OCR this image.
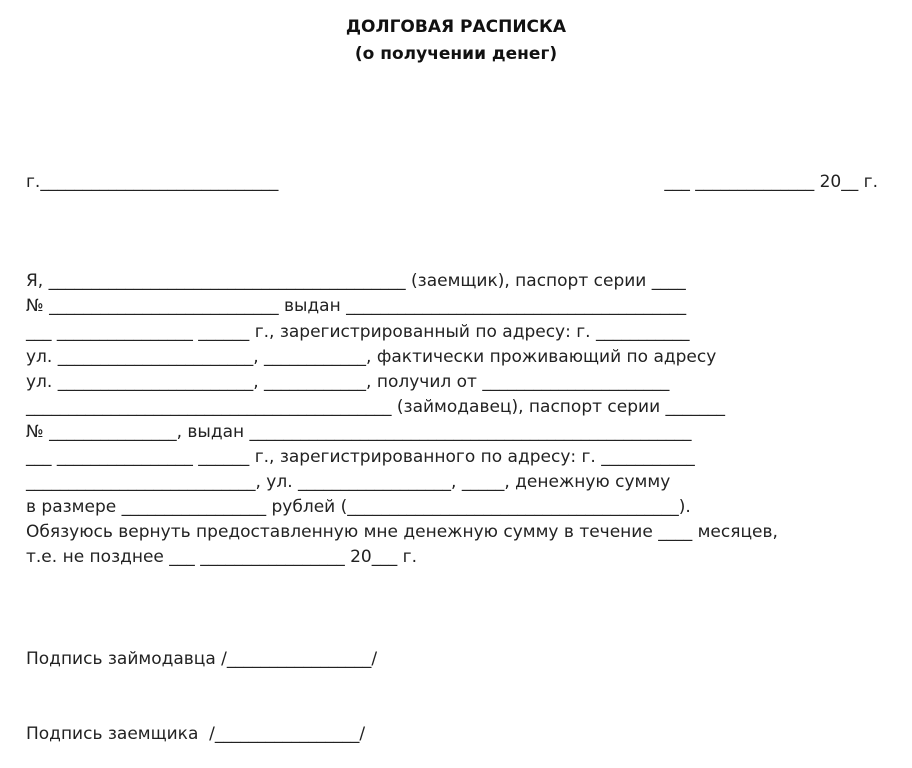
ДОЛГОВАЯ РАСПИСКА
(о получении денег)
г.____________________________	___ ______________ 20__ г.
Я, __________________________________________ (заемщик), паспорт серии ____
№ ___________________________ выдан ________________________________________
___ ________________ ______ г., зарегистрированный по адресу: г. ___________
ул. _______________________, ____________, фактически проживающий по адресу
ул. _______________________, ____________, получил от ______________________
___________________________________________ (займодавец), паспорт серии _______
№ _______________, выдан ____________________________________________________
___ ________________ ______ г., зарегистрированного по адресу: г. ___________
___________________________, ул. __________________, _____, денежную сумму
в размере _________________ рублей (_______________________________________).
Обязуюсь вернуть предоставленную мне денежную сумму в течение ____ месяцев,
т.е. не позднее ___ _________________ 20___ г.
Подпись займодавца /_________________/
Подпись заемщика  /_________________/
